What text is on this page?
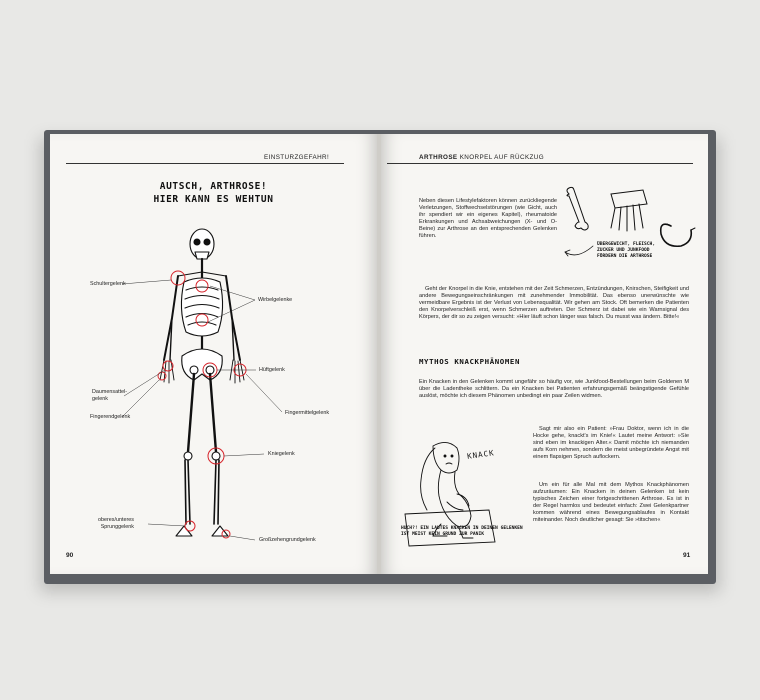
EINSTURZGEFAHR!
AUTSCH, ARTHROSE!
HIER KANN ES WEHTUN
Schultergelenk
Wirbelgelenke
Hüftgelenk
Daumensattel-
gelenk
Fingerendgelenk
Fingermittelgelenk
Kniegelenk
oberes/unteres
Sprunggelenk
Großzehengrundgelenk
90
ARTHROSE KNORPEL AUF RÜCKZUG

Neben diesen Lifestylefaktoren können zurückliegende Verletzungen, Stoffwechselstörungen (wie Gicht, auch ihr spendiert wir ein eigenes Kapitel), rheumatoide Erkrankungen und Achsabweichungen (X- und O-Beine) zur Arthrose an den entsprechenden Gelenken führen.

ÜBERGEWICHT, FLEISCH, ZUCKER UND JUNKFOOD FÖRDERN DIE ARTHROSE

Geht der Knorpel in die Knie, entstehen mit der Zeit Schmerzen, Entzündungen, Knirschen, Steifigkeit und andere Bewegungseinschränkungen mit zunehmender Immobilität. Das ebenso unerwünschte wie vermeidbare Ergebnis ist der Verlust von Lebensqualität. Wir gehen am Stock. Oft bemerken die Patienten den Knorpelverschleiß erst, wenn Schmerzen auftreten. Der Schmerz ist dabei wie ein Warnsignal des Körpers, der dir so zu zeigen versucht: »Hier läuft schon länger was falsch. Du musst was ändern. Bitte!«

MYTHOS KNACKPHÄNOMEN

Ein Knacken in den Gelenken kommt ungefähr so häufig vor, wie Junkfood-Bestellungen beim Goldenen M über die Ladentheke schlittern. Da ein Knacken bei Patienten erfahrungsgemäß beängstigende Gefühle auslöst, möchte ich diesem Phänomen unbedingt ein paar Zeilen widmen.

KNACK

Sagt mir also ein Patient: »Frau Doktor, wenn ich in die Hocke gehe, knackt's im Knie!« Lautet meine Antwort: »Sie sind eben im knackigen Alter.« Damit möchte ich niemanden aufs Korn nehmen, sondern die meist unbegründete Angst mit einem flapsigen Spruch auflockern.

Um ein für alle Mal mit dem Mythos Knackphänomen aufzuräumen: Ein Knacken in deinen Gelenken ist kein typisches Zeichen einer fortgeschrittenen Arthrose. Es ist in der Regel harmlos und bedeutet einfach: Zwei Gelenkpartner kommen während eines Bewegungsablaufes in Kontakt miteinander. Noch deutlicher gesagt: Sie »titschen«

HUCH?! EIN LAUTES KNACKEN IN DEINEN GELENKEN IST MEIST KEIN GRUND ZUR PANIK
91
